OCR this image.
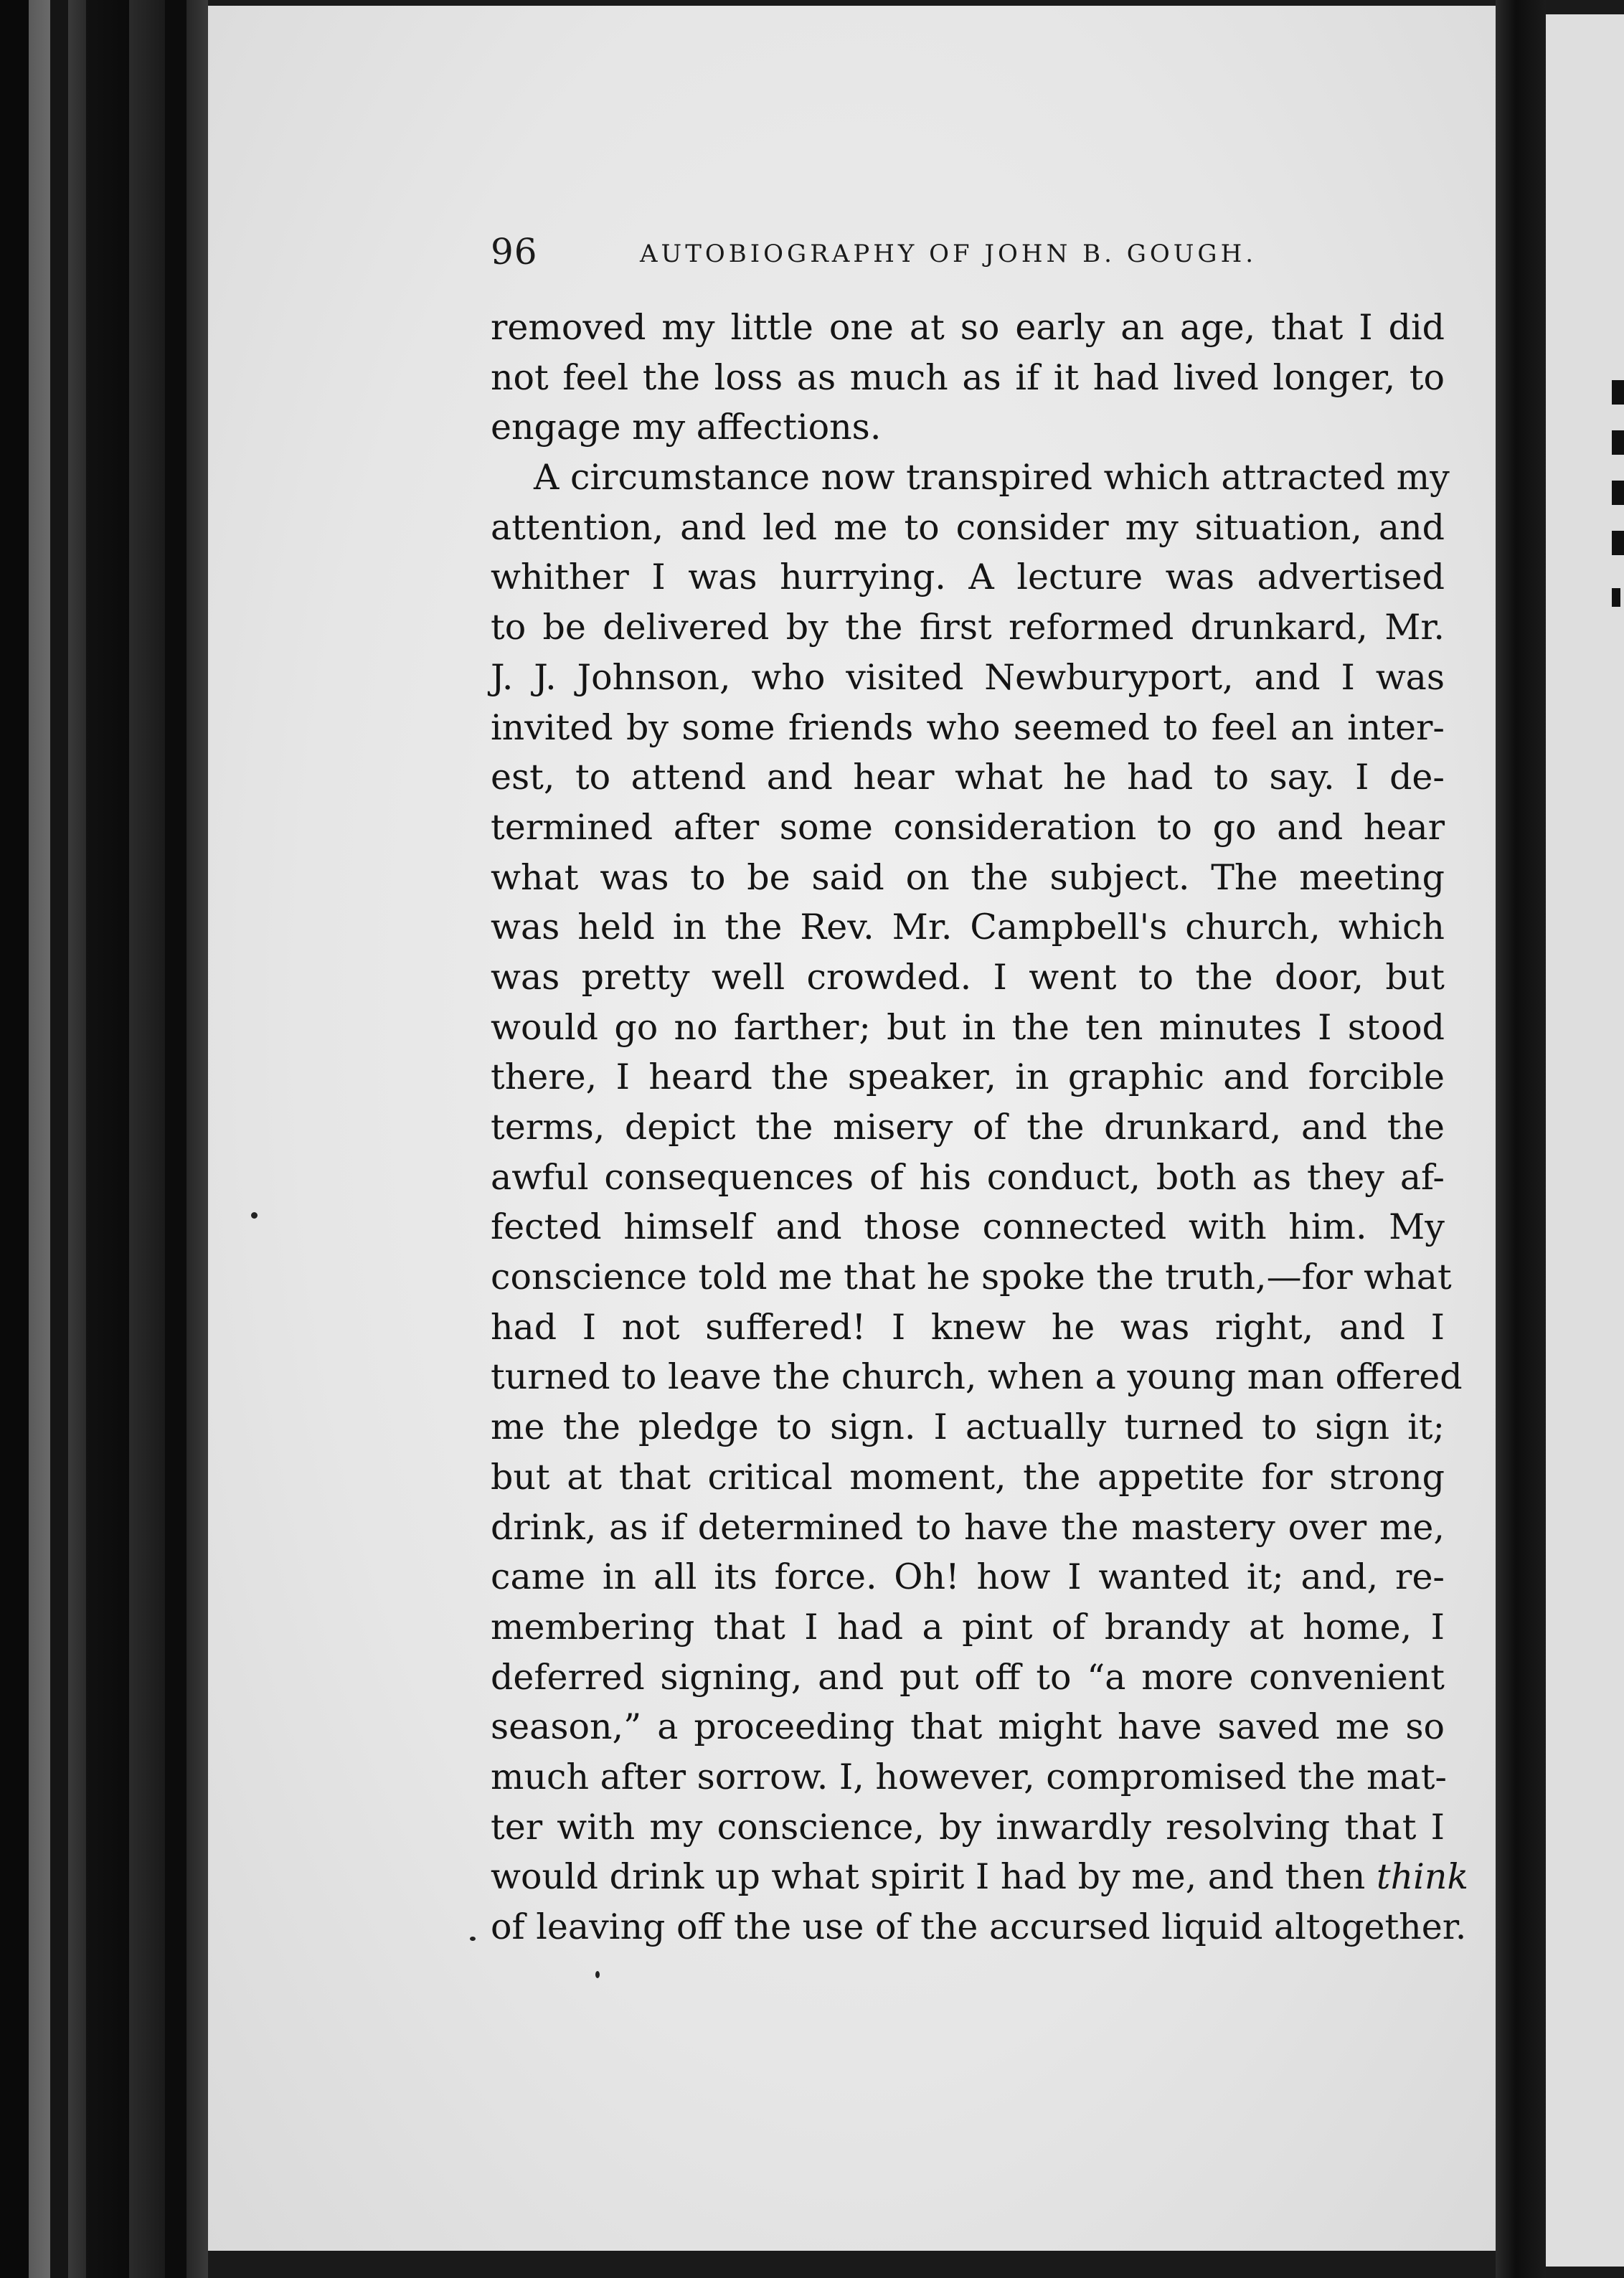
96	AUTOBIOGRAPHY OF JOHN B. GOUGH.
removed my little one at so early an age, that I did
not feel the loss as much as if it had lived longer, to
engage my affections.
A circumstance now transpired which attracted my
attention, and led me to consider my situation, and
whither I was hurrying. A lecture was advertised
to be delivered by the first reformed drunkard, Mr.
J. J. Johnson, who visited Newburyport, and I was
invited by some friends who seemed to feel an inter-
est, to attend and hear what he had to say. I de-
termined after some consideration to go and hear
what was to be said on the subject. The meeting
was held in the Rev. Mr. Campbell's church, which
was pretty well crowded. I went to the door, but
would go no farther; but in the ten minutes I stood
there, I heard the speaker, in graphic and forcible
terms, depict the misery of the drunkard, and the
awful consequences of his conduct, both as they af-
fected himself and those connected with him. My
conscience told me that he spoke the truth,—for what
had I not suffered! I knew he was right, and I
turned to leave the church, when a young man offered
me the pledge to sign. I actually turned to sign it;
but at that critical moment, the appetite for strong
drink, as if determined to have the mastery over me,
came in all its force. Oh! how I wanted it; and, re-
membering that I had a pint of brandy at home, I
deferred signing, and put off to “a more convenient
season,” a proceeding that might have saved me so
much after sorrow. I, however, compromised the mat-
ter with my conscience, by inwardly resolving that I
would drink up what spirit I had by me, and then think
of leaving off the use of the accursed liquid altogether.
